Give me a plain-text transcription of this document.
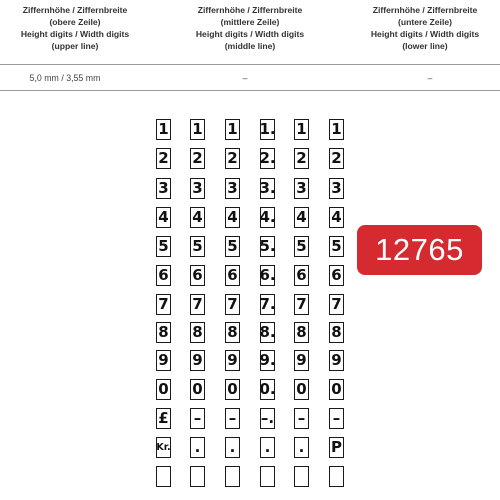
Ziffernhöhe / Ziffernbreite
(obere Zeile)
Height digits / Width digits
(upper line)
Ziffernhöhe / Ziffernbreite
(mittlere Zeile)
Height digits / Width digits
(middle line)
Ziffernhöhe / Ziffernbreite
(untere Zeile)
Height digits / Width digits
(lower line)
5,0 mm / 3,55 mm	–	–
1 1 1 1. 1 1
2 2 2 2. 2 2
3 3 3 3. 3 3
4 4 4 4. 4 4
5 5 5 5. 5 5
6 6 6 6. 6 6
7 7 7 7. 7 7
8 8 8 8. 8 8
9 9 9 9. 9 9
0 0 0 0. 0 0
£ – – –. – –
Kr. . . . . P
12765
